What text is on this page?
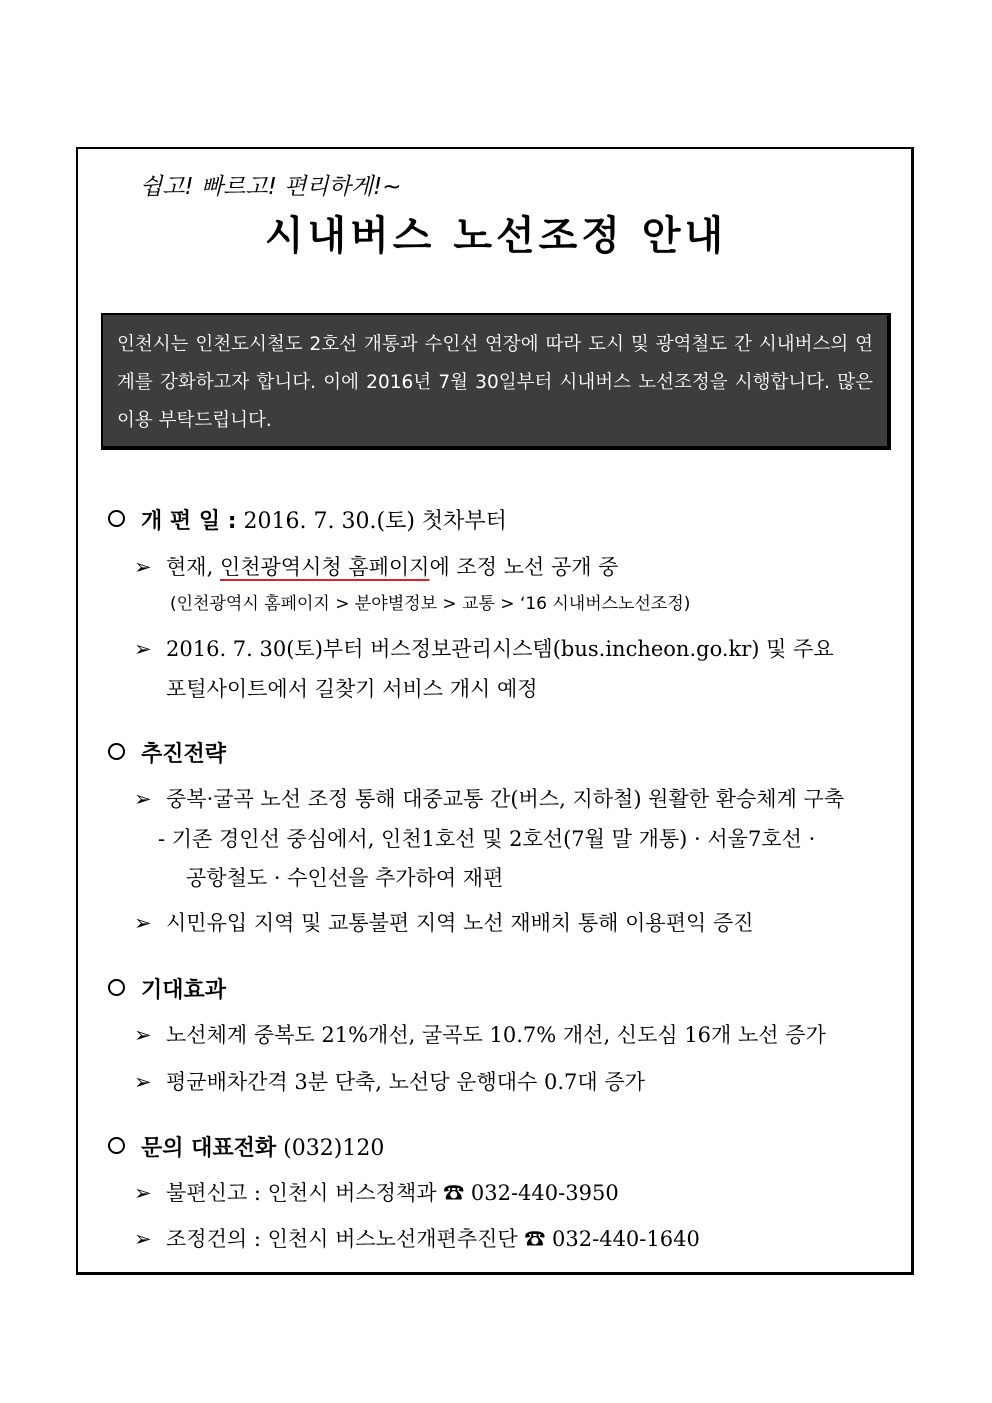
쉽고! 빠르고! 편리하게!~
시내버스 노선조정 안내
인천시는 인천도시철도 2호선 개통과 수인선 연장에 따라 도시 및 광역철도 간 시내버스의 연계를 강화하고자 합니다. 이에 2016년 7월 30일부터 시내버스 노선조정을 시행합니다. 많은 이용 부탁드립니다.
개 편 일 : 2016. 7. 30.(토) 첫차부터
➢ 현재, 인천광역시청 홈페이지에 조정 노선 공개 중
(인천광역시 홈페이지 > 분야별정보 > 교통 > ‘16 시내버스노선조정)
➢ 2016. 7. 30(토)부터 버스정보관리시스템(bus.incheon.go.kr) 및 주요
포털사이트에서 길찾기 서비스 개시 예정
추진전략
➢ 중복·굴곡 노선 조정 통해 대중교통 간(버스, 지하철) 원활한 환승체계 구축
- 기존 경인선 중심에서, 인천1호선 및 2호선(7월 말 개통) · 서울7호선 ·
공항철도 · 수인선을 추가하여 재편
➢ 시민유입 지역 및 교통불편 지역 노선 재배치 통해 이용편익 증진
기대효과
➢ 노선체계 중복도 21%개선, 굴곡도 10.7% 개선, 신도심 16개 노선 증가
➢ 평균배차간격 3분 단축, 노선당 운행대수 0.7대 증가
문의 대표전화 (032)120
➢ 불편신고 : 인천시 버스정책과 ☎ 032-440-3950
➢ 조정건의 : 인천시 버스노선개편추진단 ☎ 032-440-1640
